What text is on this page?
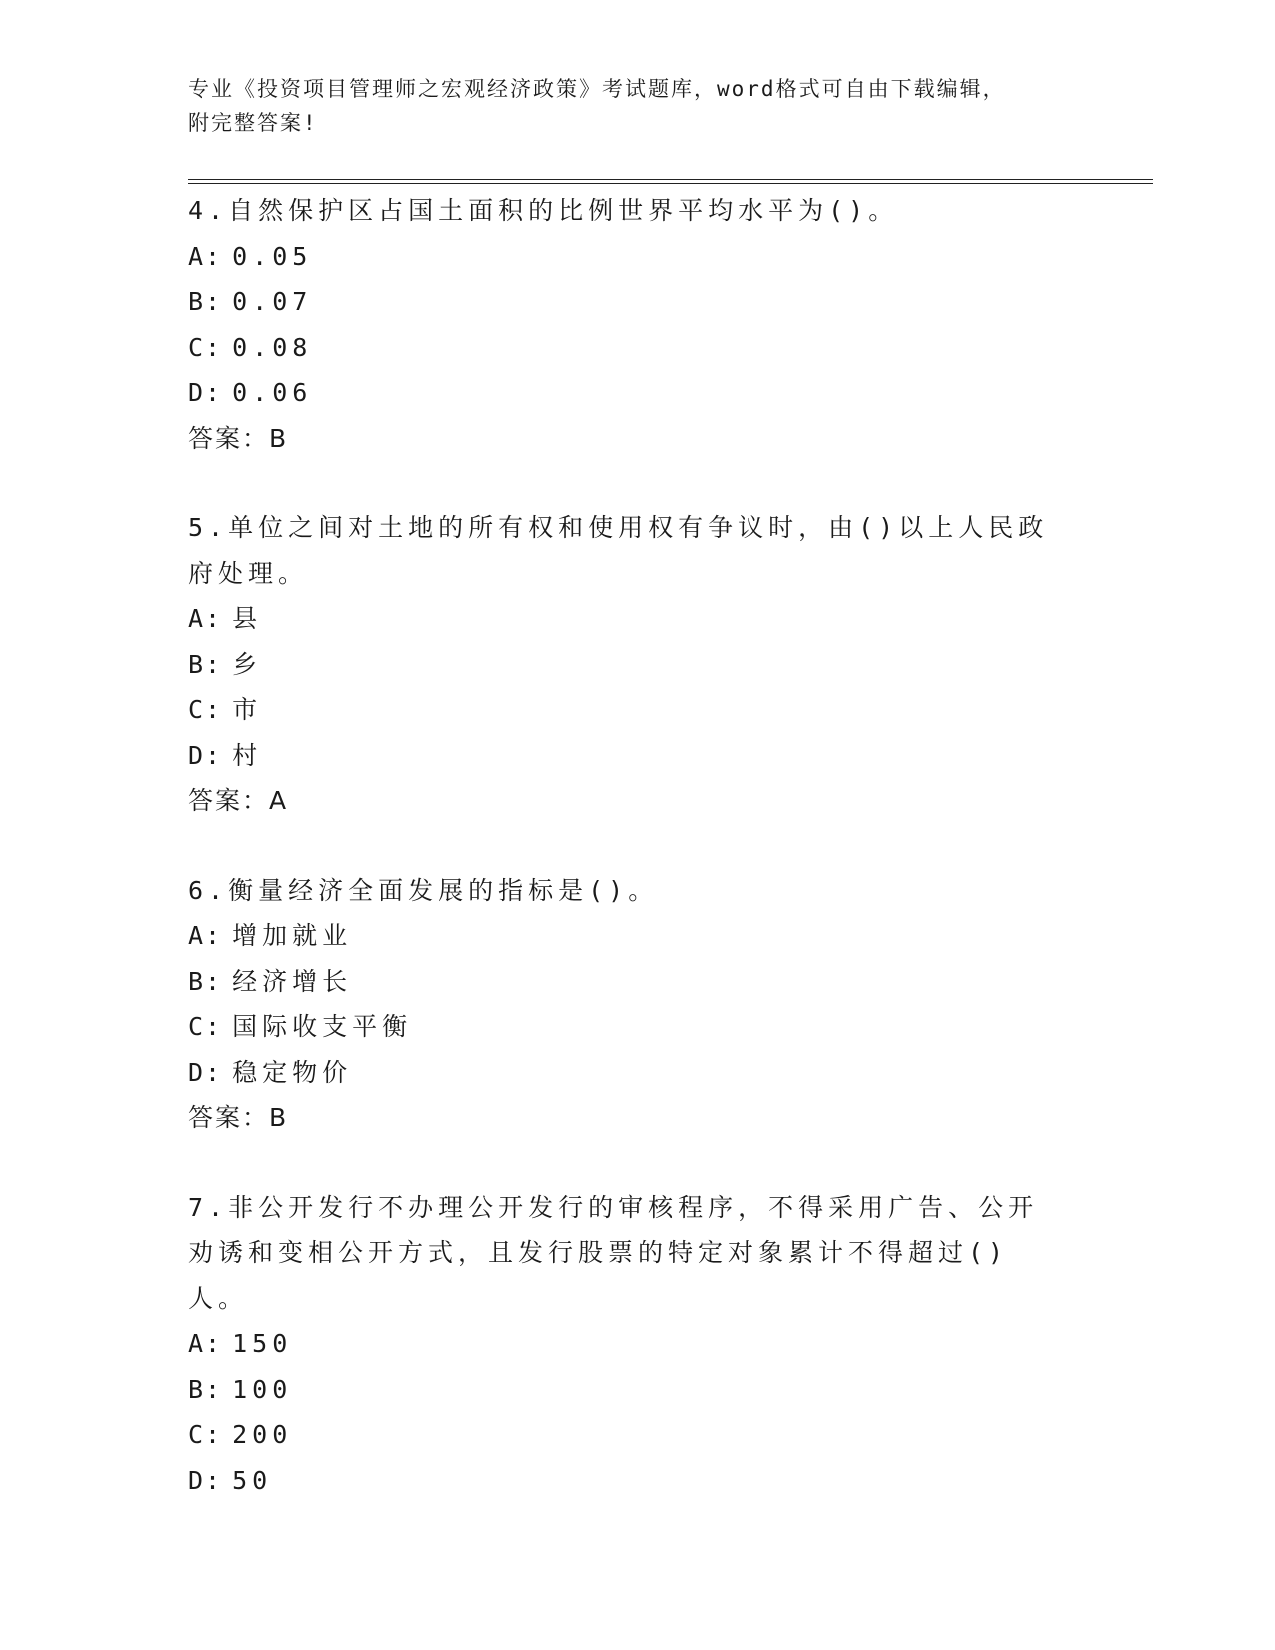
专业《投资项目管理师之宏观经济政策》考试题库，word格式可自由下载编辑，
附完整答案!

4.自然保护区占国土面积的比例世界平均水平为()。

A: 0.05

B: 0.07

C: 0.08

D: 0.06

答案：B

5.单位之间对土地的所有权和使用权有争议时，由()以上人民政府处理。

A: 县

B: 乡

C: 市

D: 村

答案：A

6.衡量经济全面发展的指标是()。

A: 增加就业

B: 经济增长

C: 国际收支平衡

D: 稳定物价

答案：B

7.非公开发行不办理公开发行的审核程序，不得采用广告、公开劝诱和变相公开方式，且发行股票的特定对象累计不得超过()人。

A: 150

B: 100

C: 200

D: 50
